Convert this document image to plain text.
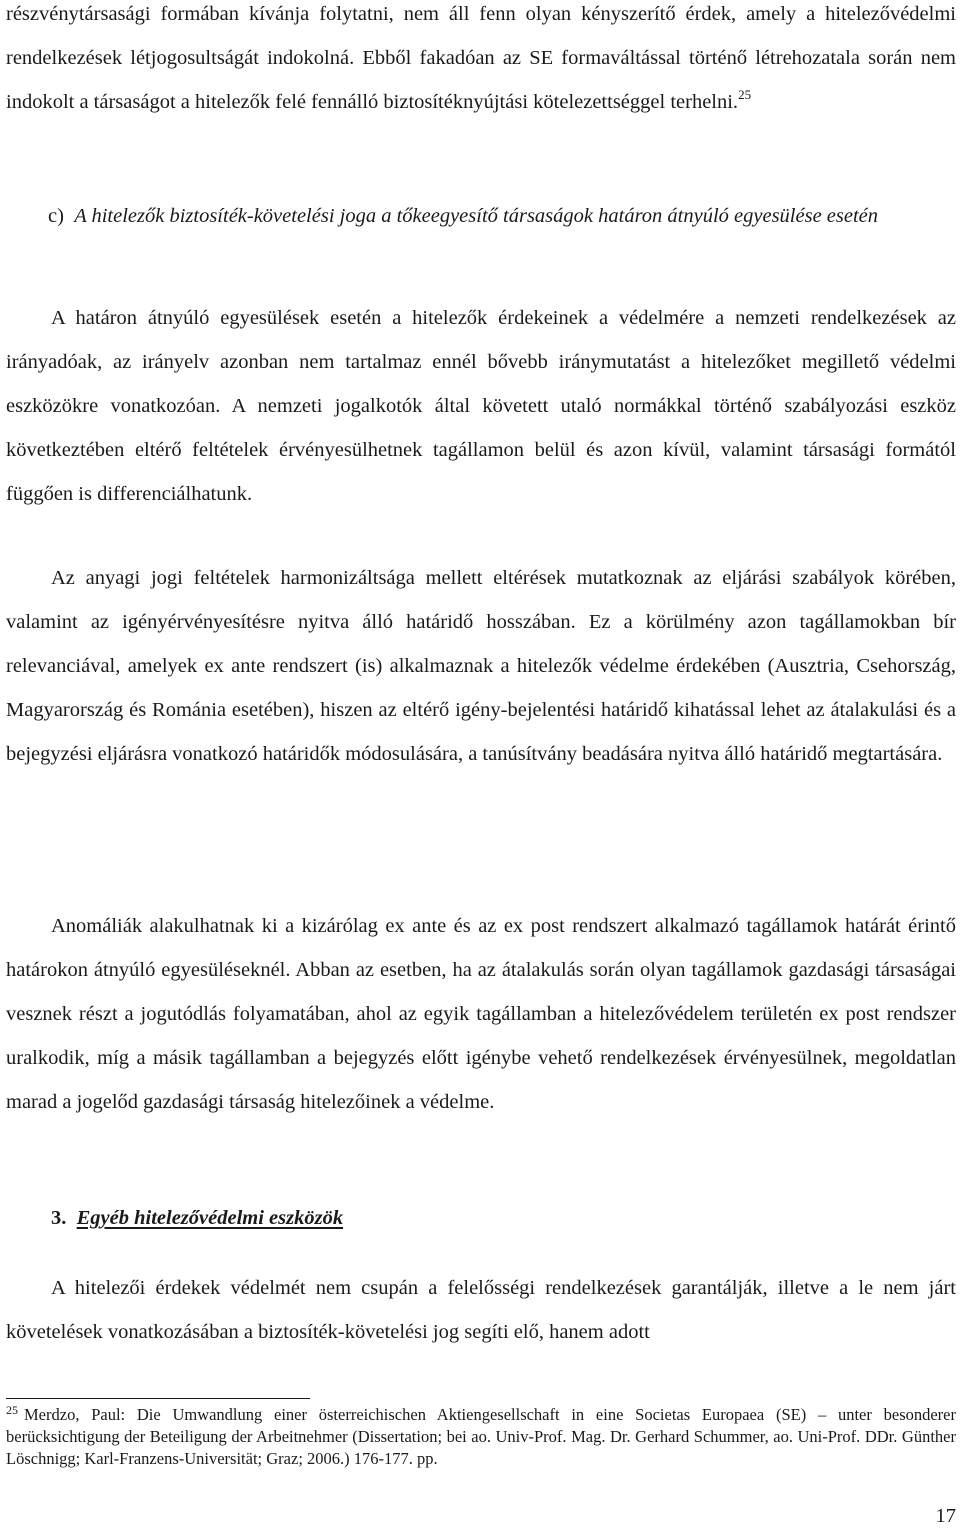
részvénytársasági formában kívánja folytatni, nem áll fenn olyan kényszerítő érdek, amely a hitelezővédelmi rendelkezések létjogosultságát indokolná. Ebből fakadóan az SE formaváltással történő létrehozatala során nem indokolt a társaságot a hitelezők felé fennálló biztosítéknyújtási kötelezettséggel terhelni.$^{25}$

c) A hitelezők biztosíték-követelési joga a tőkeegyesítő társaságok határon átnyúló egyesülése esetén

A határon átnyúló egyesülések esetén a hitelezők érdekeinek a védelmére a nemzeti rendelkezések az irányadóak, az irányelv azonban nem tartalmaz ennél bővebb iránymutatást a hitelezőket megillető védelmi eszközökre vonatkozóan. A nemzeti jogalkotók által követett utaló normákkal történő szabályozási eszköz következtében eltérő feltételek érvényesülhetnek tagállamon belül és azon kívül, valamint társasági formától függően is differenciálhatunk.

Az anyagi jogi feltételek harmonizáltsága mellett eltérések mutatkoznak az eljárási szabályok körében, valamint az igényérvényesítésre nyitva álló határidő hosszában. Ez a körülmény azon tagállamokban bír relevanciával, amelyek ex ante rendszert (is) alkalmaznak a hitelezők védelme érdekében (Ausztria, Csehország, Magyarország és Románia esetében), hiszen az eltérő igény-bejelentési határidő kihatással lehet az átalakulási és a bejegyzési eljárásra vonatkozó határidők módosulására, a tanúsítvány beadására nyitva álló határidő megtartására.

Anomáliák alakulhatnak ki a kizárólag ex ante és az ex post rendszert alkalmazó tagállamok határát érintő határokon átnyúló egyesüléseknél. Abban az esetben, ha az átalakulás során olyan tagállamok gazdasági társaságai vesznek részt a jogutódlás folyamatában, ahol az egyik tagállamban a hitelezővédelem területén ex post rendszer uralkodik, míg a másik tagállamban a bejegyzés előtt igénybe vehető rendelkezések érvényesülnek, megoldatlan marad a jogelőd gazdasági társaság hitelezőinek a védelme.

3. Egyéb hitelezővédelmi eszközök

A hitelezői érdekek védelmét nem csupán a felelősségi rendelkezések garantálják, illetve a le nem járt követelések vonatkozásában a biztosíték-követelési jog segíti elő, hanem adott

$^{25}$ Merdzo, Paul: Die Umwandlung einer österreichischen Aktiengesellschaft in eine Societas Europaea (SE) – unter besonderer berücksichtigung der Beteiligung der Arbeitnehmer (Dissertation; bei ao. Univ-Prof. Mag. Dr. Gerhard Schummer, ao. Uni-Prof. DDr. Günther Löschnigg; Karl-Franzens-Universität; Graz; 2006.) 176-177. pp.

17
